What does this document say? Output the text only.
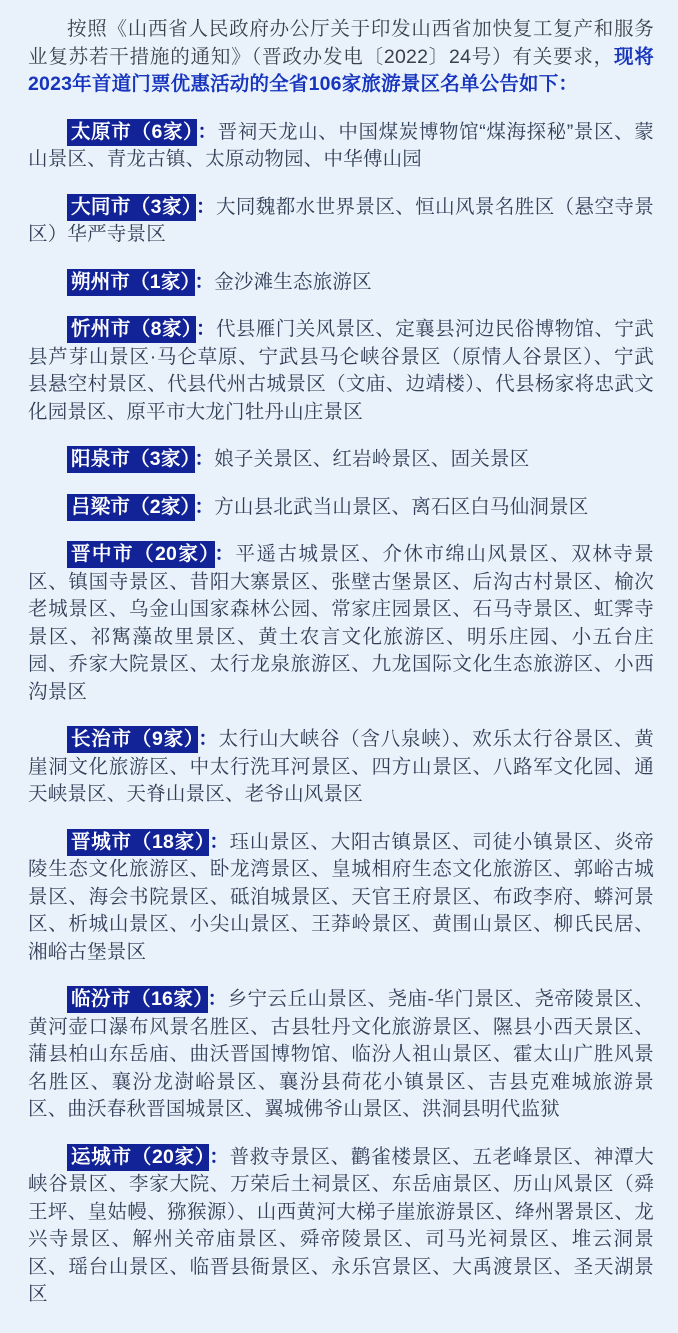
按照《山西省人民政府办公厅关于印发山西省加快复工复产和服务业复苏若干措施的通知》（晋政办发电〔2022〕24号）有关要求，现将2023年首道门票优惠活动的全省106家旅游景区名单公告如下：

太原市（6家） ：晋祠天龙山、中国煤炭博物馆“煤海探秘”景区、蒙山景区、青龙古镇、太原动物园、中华傅山园

大同市（3家） ：大同魏都水世界景区、恒山风景名胜区（悬空寺景区）华严寺景区

朔州市（1家） ：金沙滩生态旅游区

忻州市（8家） ：代县雁门关风景区、定襄县河边民俗博物馆、宁武县芦芽山景区·马仑草原、宁武县马仑峡谷景区（原情人谷景区）、宁武县悬空村景区、代县代州古城景区（文庙、边靖楼）、代县杨家将忠武文化园景区、原平市大龙门牡丹山庄景区

阳泉市（3家） ：娘子关景区、红岩岭景区、固关景区

吕梁市（2家） ：方山县北武当山景区、离石区白马仙洞景区

晋中市（20家） ：平遥古城景区、介休市绵山风景区、双林寺景区、镇国寺景区、昔阳大寨景区、张壁古堡景区、后沟古村景区、榆次老城景区、乌金山国家森林公园、常家庄园景区、石马寺景区、虹霁寺景区、祁寯藻故里景区、黄土农言文化旅游区、明乐庄园、小五台庄园、乔家大院景区、太行龙泉旅游区、九龙国际文化生态旅游区、小西沟景区

长治市（9家） ：太行山大峡谷（含八泉峡）、欢乐太行谷景区、黄崖洞文化旅游区、中太行洗耳河景区、四方山景区、八路军文化园、通天峡景区、天脊山景区、老爷山风景区

晋城市（18家） ：珏山景区、大阳古镇景区、司徒小镇景区、炎帝陵生态文化旅游区、卧龙湾景区、皇城相府生态文化旅游区、郭峪古城景区、海会书院景区、砥洎城景区、天官王府景区、布政李府、蟒河景区、析城山景区、小尖山景区、王莽岭景区、黄围山景区、柳氏民居、湘峪古堡景区

临汾市（16家） ：乡宁云丘山景区、尧庙-华门景区、尧帝陵景区、黄河壶口瀑布风景名胜区、古县牡丹文化旅游景区、隰县小西天景区、蒲县柏山东岳庙、曲沃晋国博物馆、临汾人祖山景区、霍太山广胜风景名胜区、襄汾龙澍峪景区、襄汾县荷花小镇景区、吉县克难城旅游景区、曲沃春秋晋国城景区、翼城佛爷山景区、洪洞县明代监狱

运城市（20家） ：普救寺景区、鹳雀楼景区、五老峰景区、神潭大峡谷景区、李家大院、万荣后土祠景区、东岳庙景区、历山风景区（舜王坪、皇姑幔、猕猴源）、山西黄河大梯子崖旅游景区、绛州署景区、龙兴寺景区、解州关帝庙景区、舜帝陵景区、司马光祠景区、堆云洞景区、瑶台山景区、临晋县衙景区、永乐宫景区、大禹渡景区、圣天湖景区
